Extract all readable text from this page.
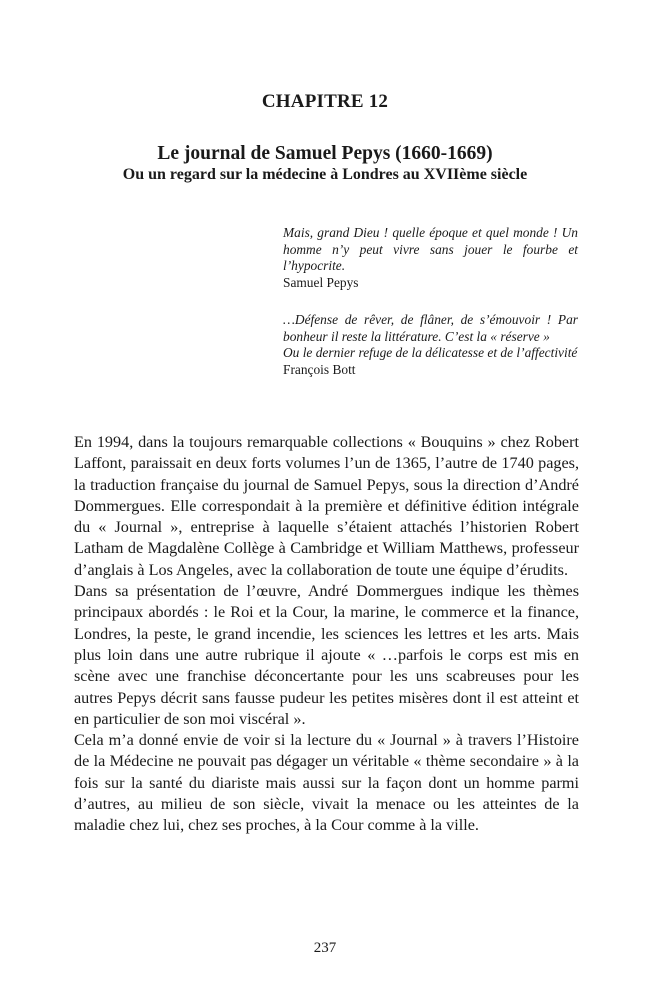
CHAPITRE 12
Le journal de Samuel Pepys (1660-1669)
Ou un regard sur la médecine à Londres au XVIIème siècle

Mais, grand Dieu ! quelle époque et quel monde ! Un homme n’y peut vivre sans jouer le fourbe et l’hypocrite.

Samuel Pepys

…Défense de rêver, de flâner, de s’émouvoir ! Par bonheur il reste la littérature. C’est la « réserve »

Ou le dernier refuge de la délicatesse et de l’affectivité

François Bott

En 1994, dans la toujours remarquable collections « Bouquins » chez Robert Laffont, paraissait en deux forts volumes l’un de 1365, l’autre de 1740 pages, la traduction française du journal de Samuel Pepys, sous la direction d’André Dommergues. Elle correspondait à la première et définitive édition intégrale du « Journal », entreprise à laquelle s’étaient attachés l’historien Robert Latham de Magdalène Collège à Cambridge et William Matthews, professeur d’anglais à Los Angeles, avec la collaboration de toute une équipe d’érudits.

Dans sa présentation de l’œuvre, André Dommergues indique les thèmes principaux abordés : le Roi et la Cour, la marine, le commerce et la finance, Londres, la peste, le grand incendie, les sciences les lettres et les arts. Mais plus loin dans une autre rubrique il ajoute « …parfois le corps est mis en scène avec une franchise déconcertante pour les uns scabreuses pour les autres Pepys décrit sans fausse pudeur les petites misères dont il est atteint et en particulier de son moi viscéral ».

Cela m’a donné envie de voir si la lecture du « Journal » à travers l’Histoire de la Médecine ne pouvait pas dégager un véritable « thème secondaire » à la fois sur la santé du diariste mais aussi sur la façon dont un homme parmi d’autres, au milieu de son siècle, vivait la menace ou les atteintes de la maladie chez lui, chez ses proches, à la Cour comme à la ville.

237
